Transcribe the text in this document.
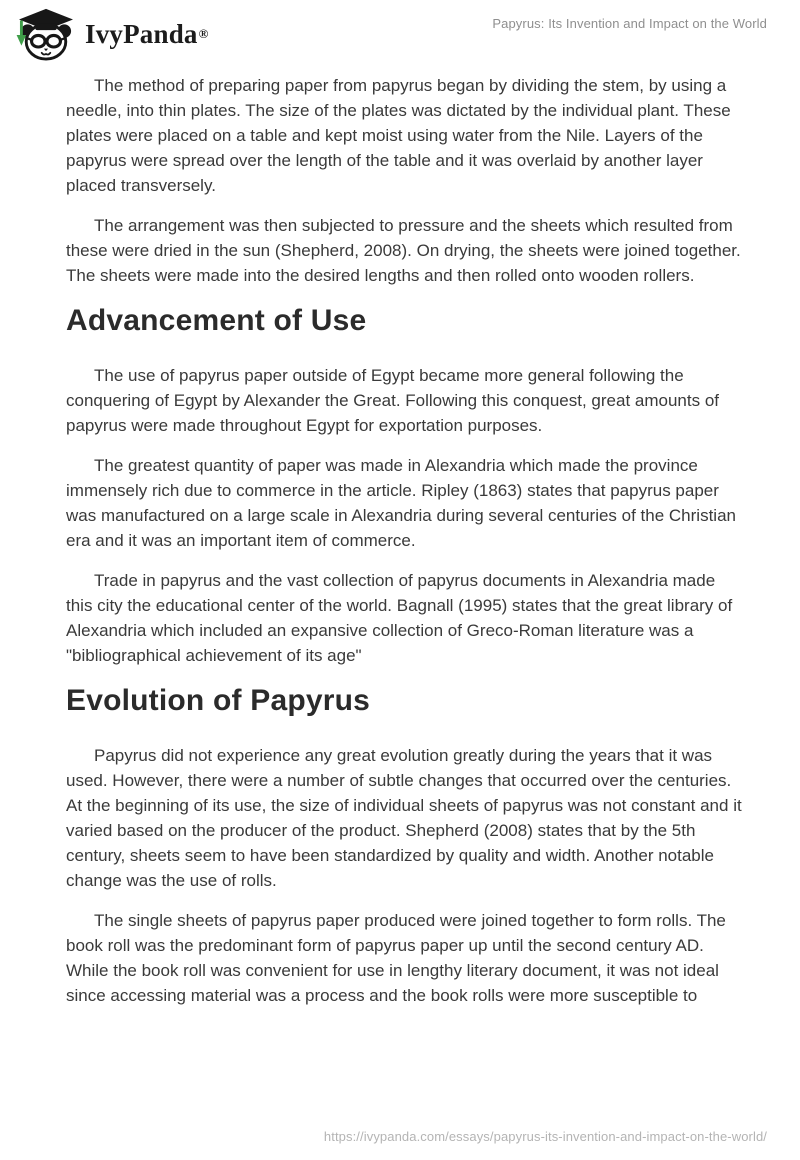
IvyPanda ®
Papyrus: Its Invention and Impact on the World

The method of preparing paper from papyrus began by dividing the stem, by using a needle, into thin plates. The size of the plates was dictated by the individual plant. These plates were placed on a table and kept moist using water from the Nile. Layers of the papyrus were spread over the length of the table and it was overlaid by another layer placed transversely.

The arrangement was then subjected to pressure and the sheets which resulted from these were dried in the sun (Shepherd, 2008). On drying, the sheets were joined together. The sheets were made into the desired lengths and then rolled onto wooden rollers.

Advancement of Use

The use of papyrus paper outside of Egypt became more general following the conquering of Egypt by Alexander the Great. Following this conquest, great amounts of papyrus were made throughout Egypt for exportation purposes.

The greatest quantity of paper was made in Alexandria which made the province immensely rich due to commerce in the article. Ripley (1863) states that papyrus paper was manufactured on a large scale in Alexandria during several centuries of the Christian era and it was an important item of commerce.

Trade in papyrus and the vast collection of papyrus documents in Alexandria made this city the educational center of the world. Bagnall (1995) states that the great library of Alexandria which included an expansive collection of Greco-Roman literature was a "bibliographical achievement of its age"

Evolution of Papyrus

Papyrus did not experience any great evolution greatly during the years that it was used. However, there were a number of subtle changes that occurred over the centuries. At the beginning of its use, the size of individual sheets of papyrus was not constant and it varied based on the producer of the product. Shepherd (2008) states that by the 5th century, sheets seem to have been standardized by quality and width. Another notable change was the use of rolls.

The single sheets of papyrus paper produced were joined together to form rolls. The book roll was the predominant form of papyrus paper up until the second century AD. While the book roll was convenient for use in lengthy literary document, it was not ideal since accessing material was a process and the book rolls were more susceptible to

https://ivypanda.com/essays/papyrus-its-invention-and-impact-on-the-world/
